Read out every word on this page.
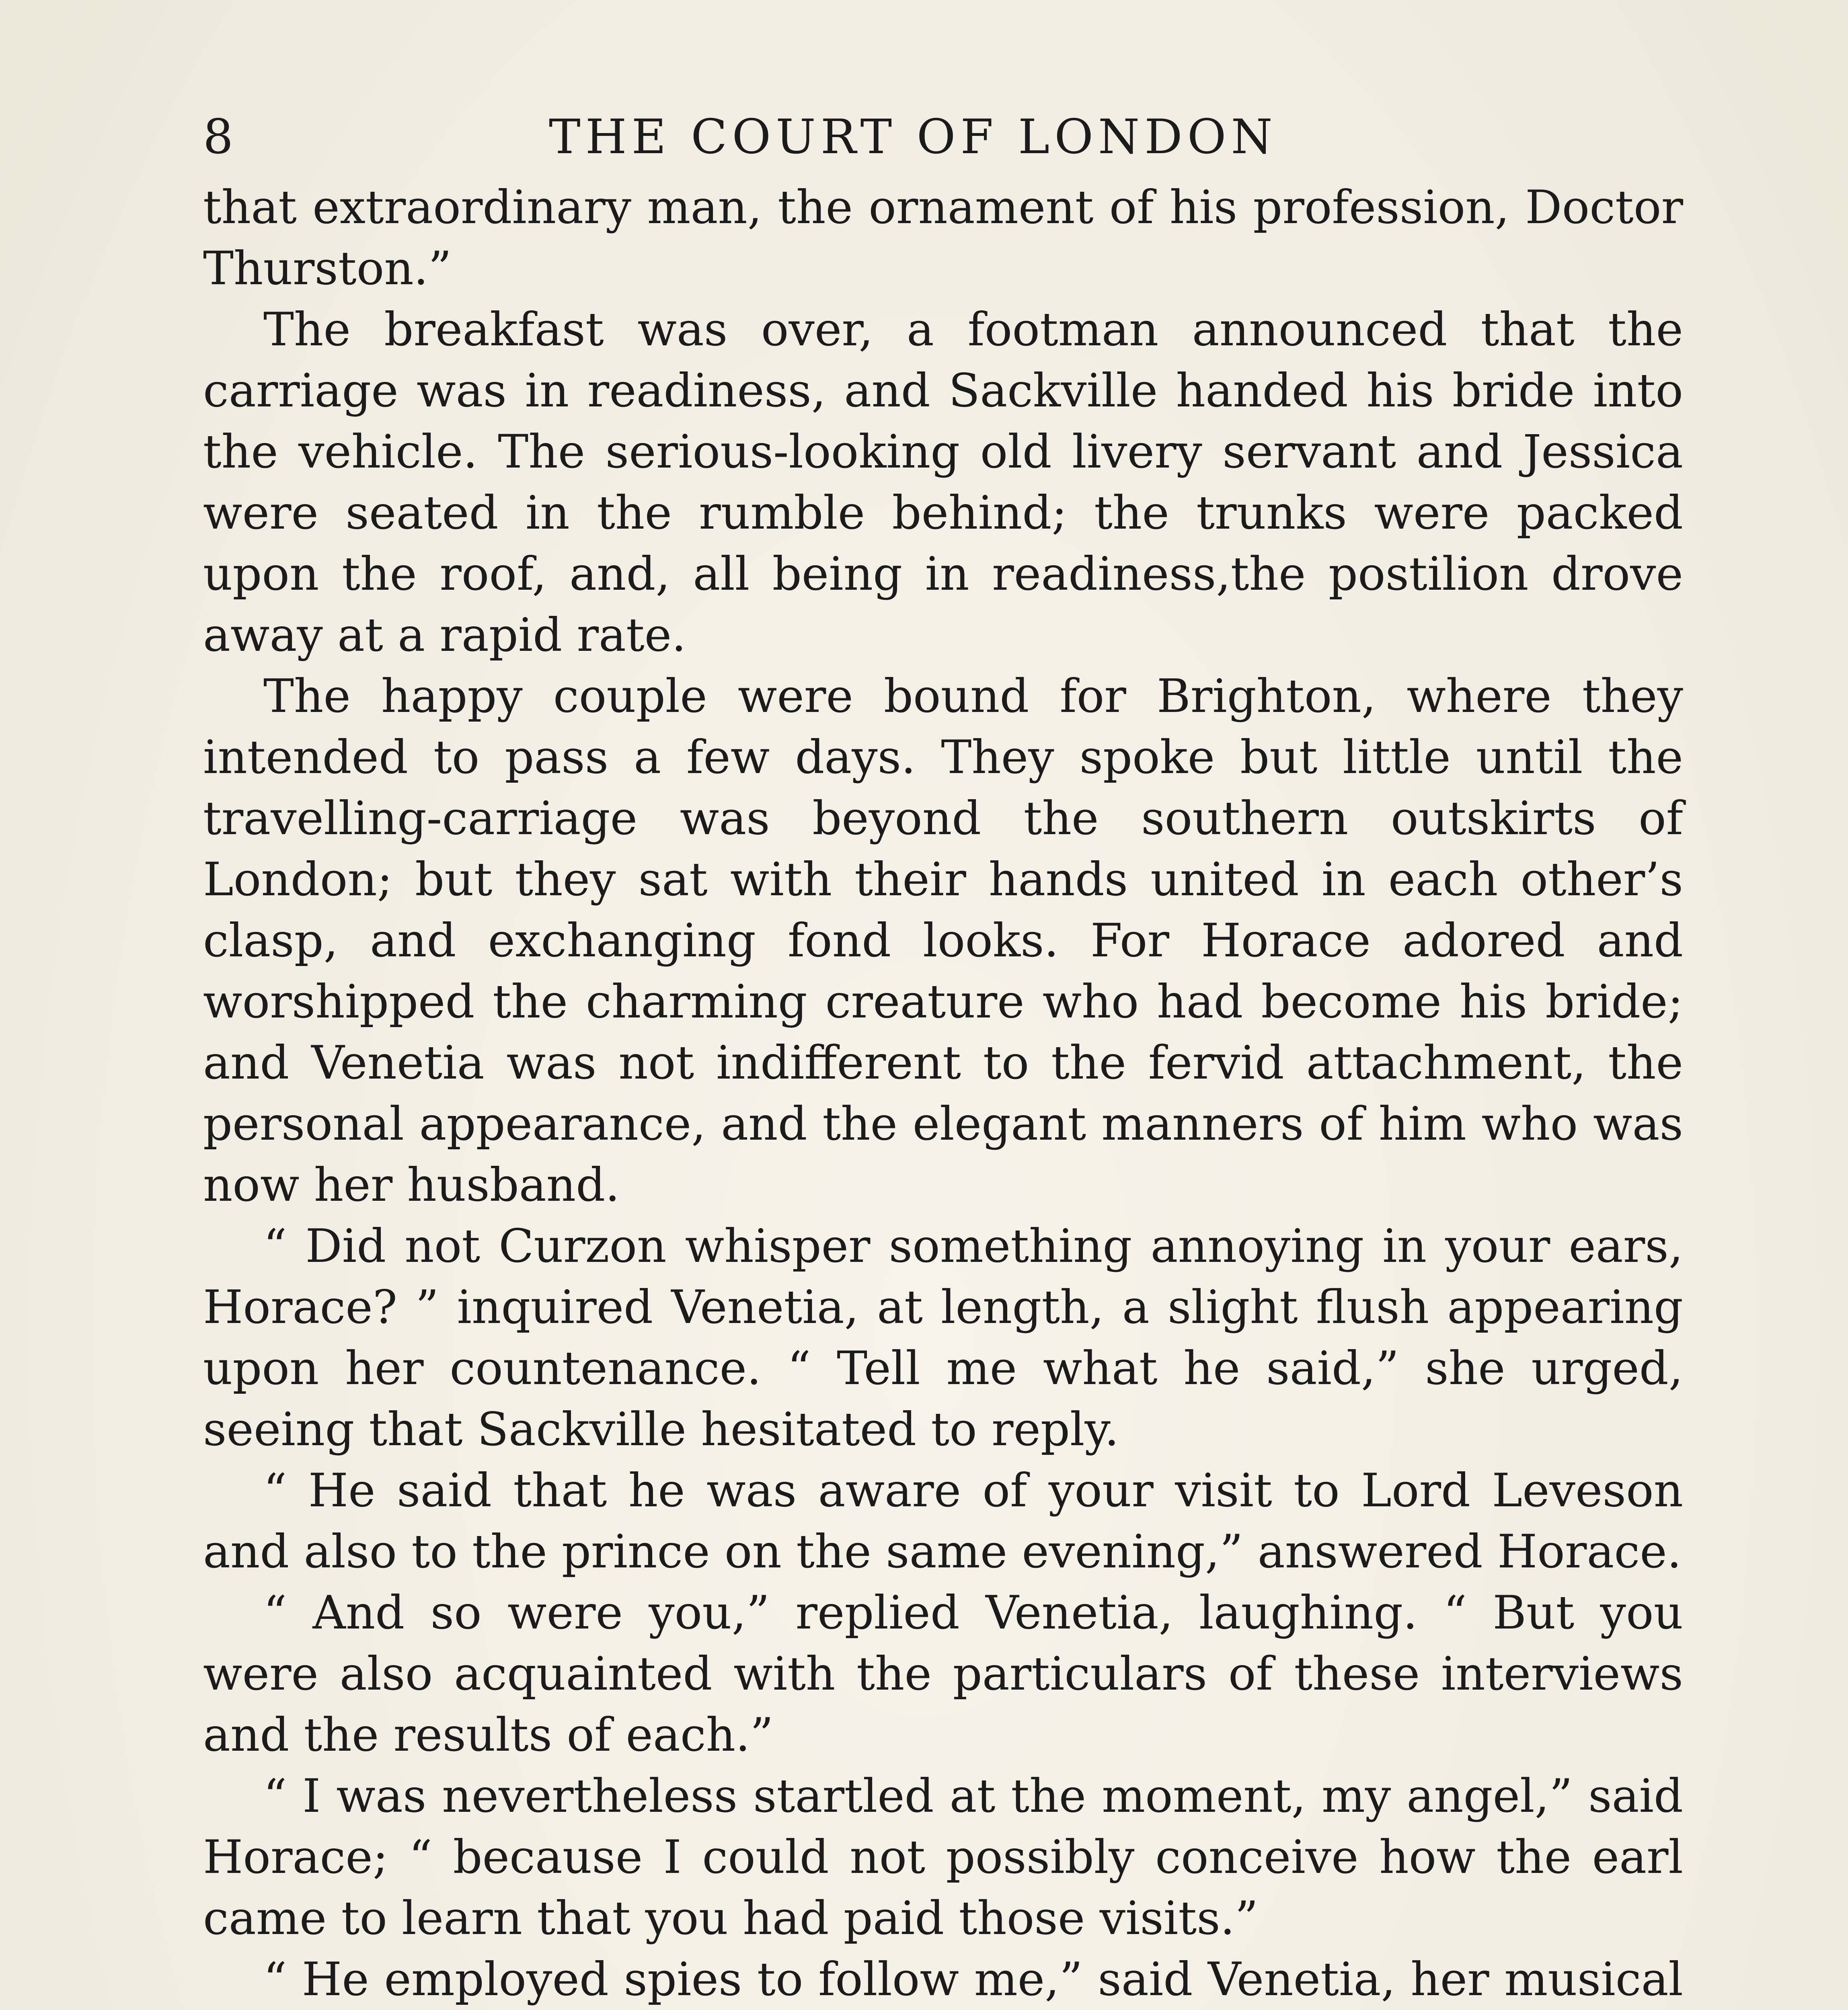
8	THE COURT OF LONDON

that extraordinary man, the ornament of his profession, Doctor Thurston.”

The breakfast was over, a footman announced that the carriage was in readiness, and Sackville handed his bride into the vehicle. The serious-looking old livery servant and Jessica were seated in the rumble behind; the trunks were packed upon the roof, and, all being in readiness,the postilion drove away at a rapid rate.

The happy couple were bound for Brighton, where they intended to pass a few days. They spoke but little until the travelling-carriage was beyond the southern outskirts of London; but they sat with their hands united in each other’s clasp, and exchanging fond looks. For Horace adored and worshipped the charming creature who had become his bride; and Venetia was not indifferent to the fervid attachment, the personal appearance, and the elegant manners of him who was now her husband.

“ Did not Curzon whisper something annoying in your ears, Horace? ” inquired Venetia, at length, a slight flush appearing upon her countenance. “ Tell me what he said,” she urged, seeing that Sackville hesitated to reply.

“ He said that he was aware of your visit to Lord Leveson and also to the prince on the same evening,” answered Horace.

“ And so were you,” replied Venetia, laughing. “ But you were also acquainted with the particulars of these interviews and the results of each.”

“ I was nevertheless startled at the moment, my angel,” said Horace; “ because I could not possibly conceive how the earl came to learn that you had paid those visits.”

“ He employed spies to follow me,” said Venetia, her musical
